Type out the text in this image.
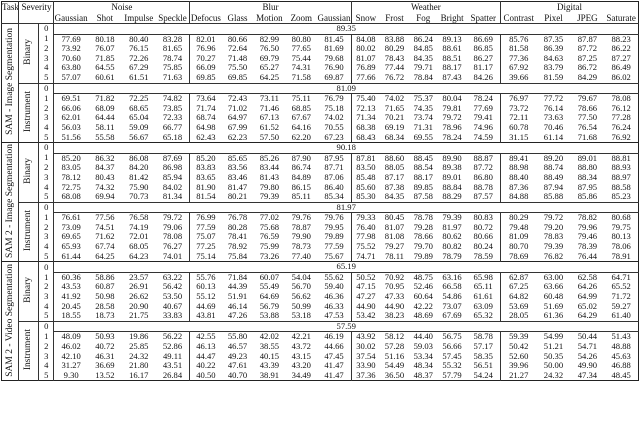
Task	Severity		Noise				Blur					Weather					Digital			
			Gaussian	Shot	Impulse	Speckle	Defocus	Glass	Motion	Zoom	Gaussian	Snow	Frost	Fog	Bright	Spatter	Contrast	Pixel	JPEG	Saturate
SAM - Image Segmentation	Binary	0	89.35																	
		1	77.69	80.18	80.40	83.28	82.01	80.66	82.99	80.80	81.45	84.08	83.88	86.24	89.13	86.69	85.76	87.35	87.87	88.23
		2	73.92	76.07	76.15	81.65	76.96	72.64	76.50	77.65	81.69	80.02	80.29	84.85	88.61	86.85	81.58	86.39	87.72	86.22
		3	70.60	71.85	72.26	78.74	70.27	71.48	69.79	75.44	79.68	81.07	78.43	84.35	88.51	86.27	77.36	84.63	87.25	87.27
		4	63.80	64.55	67.29	75.85	66.09	75.50	65.27	74.31	76.90	76.89	77.44	79.71	88.17	81.17	67.92	83.79	86.72	86.49
		5	57.07	60.61	61.51	71.63	69.85	69.85	64.25	71.58	69.87	77.66	76.72	78.84	87.43	84.26	39.66	81.59	84.29	86.02
	Instrument	0	81.09																	
		1	69.51	71.82	72.25	74.82	73.64	72.43	73.11	75.11	76.79	75.40	74.02	75.37	80.04	78.24	76.97	77.72	79.67	78.08
		2	66.06	68.09	68.65	73.85	71.74	71.02	71.46	68.85	75.18	72.13	71.65	74.35	79.81	77.69	73.72	76.14	78.66	76.12
		3	62.01	64.44	65.04	72.33	68.74	64.97	67.13	67.67	74.02	71.34	70.21	73.74	79.72	79.41	72.11	73.63	77.50	77.28
		4	56.03	58.11	59.09	66.77	64.98	67.99	61.52	64.16	70.55	68.38	69.19	71.31	78.96	74.96	60.78	70.46	76.54	76.24
		5	51.56	55.58	56.67	65.18	62.43	62.23	57.50	62.20	67.23	68.43	68.34	69.55	78.24	74.59	31.15	61.14	71.68	76.92
SAM 2 - Image Segmentation	Binary	0	90.18																	
		1	85.20	86.32	86.08	87.69	85.20	85.65	85.26	87.90	87.95	87.81	88.60	88.45	89.90	88.87	89.41	89.20	89.01	88.81
		2	83.05	84.37	84.20	86.98	83.83	83.56	83.44	86.74	87.71	83.50	88.05	88.54	89.38	87.72	88.98	88.74	88.80	88.93
		3	78.12	80.43	81.42	85.94	83.65	83.46	81.43	84.89	87.06	85.48	87.17	88.17	89.01	86.80	88.40	88.49	88.34	88.97
		4	72.75	74.32	75.90	84.02	81.90	81.47	79.80	86.15	86.40	85.60	87.38	89.85	88.84	88.78	87.36	87.94	87.95	88.58
		5	68.08	69.94	70.73	81.34	81.54	80.21	79.39	85.11	85.34	85.30	84.35	87.58	88.29	87.57	84.88	85.88	85.86	85.23
	Instrument	0	81.97																	
		1	76.61	77.56	76.58	79.72	76.99	76.78	77.02	79.76	79.76	79.33	80.45	78.78	79.39	80.83	80.29	79.72	78.82	80.68
		2	73.09	74.51	74.19	79.06	77.59	80.28	75.68	78.87	79.95	76.40	81.07	79.28	81.97	80.72	79.48	79.20	79.96	79.75
		3	69.65	71.62	72.01	78.08	75.07	78.41	76.59	79.90	79.89	77.98	81.08	78.66	80.62	80.66	81.09	78.83	79.46	80.13
		4	65.93	67.74	68.05	76.27	77.25	78.92	75.99	78.73	77.59	75.52	79.27	79.70	80.82	80.24	80.70	79.39	78.39	78.06
		5	61.44	64.25	64.23	74.01	75.14	75.84	73.26	77.40	75.67	74.71	78.11	79.89	78.79	78.59	78.69	76.82	76.44	78.91
SAM 2 - Video Segmentation	Binary	0	65.19																	
		1	60.36	58.86	23.57	63.22	55.76	71.84	60.07	54.04	55.62	50.52	70.92	48.75	63.16	65.98	62.87	63.00	62.58	64.71
		2	43.53	60.87	26.91	56.42	60.13	44.39	55.49	56.70	59.40	47.15	70.95	52.46	66.58	65.11	67.25	63.66	64.26	65.52
		3	41.92	50.98	26.62	53.50	55.12	51.91	64.69	56.62	46.36	47.27	47.33	60.64	54.86	61.61	64.82	60.48	64.99	71.72
		4	20.45	28.58	20.90	40.67	44.69	46.14	56.79	50.99	46.33	44.90	44.90	42.22	73.07	63.09	53.69	51.69	65.02	59.27
		5	18.55	18.73	21.75	33.83	43.81	47.26	53.88	53.18	47.53	53.42	38.23	48.69	67.69	65.32	28.05	61.36	64.29	61.40
	Instrument	0	57.59																	
		1	48.09	50.93	19.86	56.22	42.55	55.80	42.02	42.21	46.19	43.92	58.12	44.40	56.75	58.78	59.39	54.99	50.44	51.43
		2	46.02	40.72	25.85	52.86	46.13	46.57	38.55	43.72	44.66	30.02	57.28	59.03	56.66	57.17	50.42	51.21	54.71	48.88
		3	42.10	46.31	24.32	49.11	44.47	49.23	40.15	43.15	47.45	37.54	51.16	53.34	57.45	58.35	52.60	50.35	54.26	45.63
		4	31.27	36.69	21.80	43.51	40.22	47.61	43.39	43.20	41.47	33.90	54.49	48.34	55.32	56.51	39.96	50.00	49.90	46.88
		5	9.30	13.52	16.17	26.84	40.50	40.70	38.91	34.49	41.47	37.36	36.50	48.37	57.79	54.24	21.27	24.32	47.34	48.45
